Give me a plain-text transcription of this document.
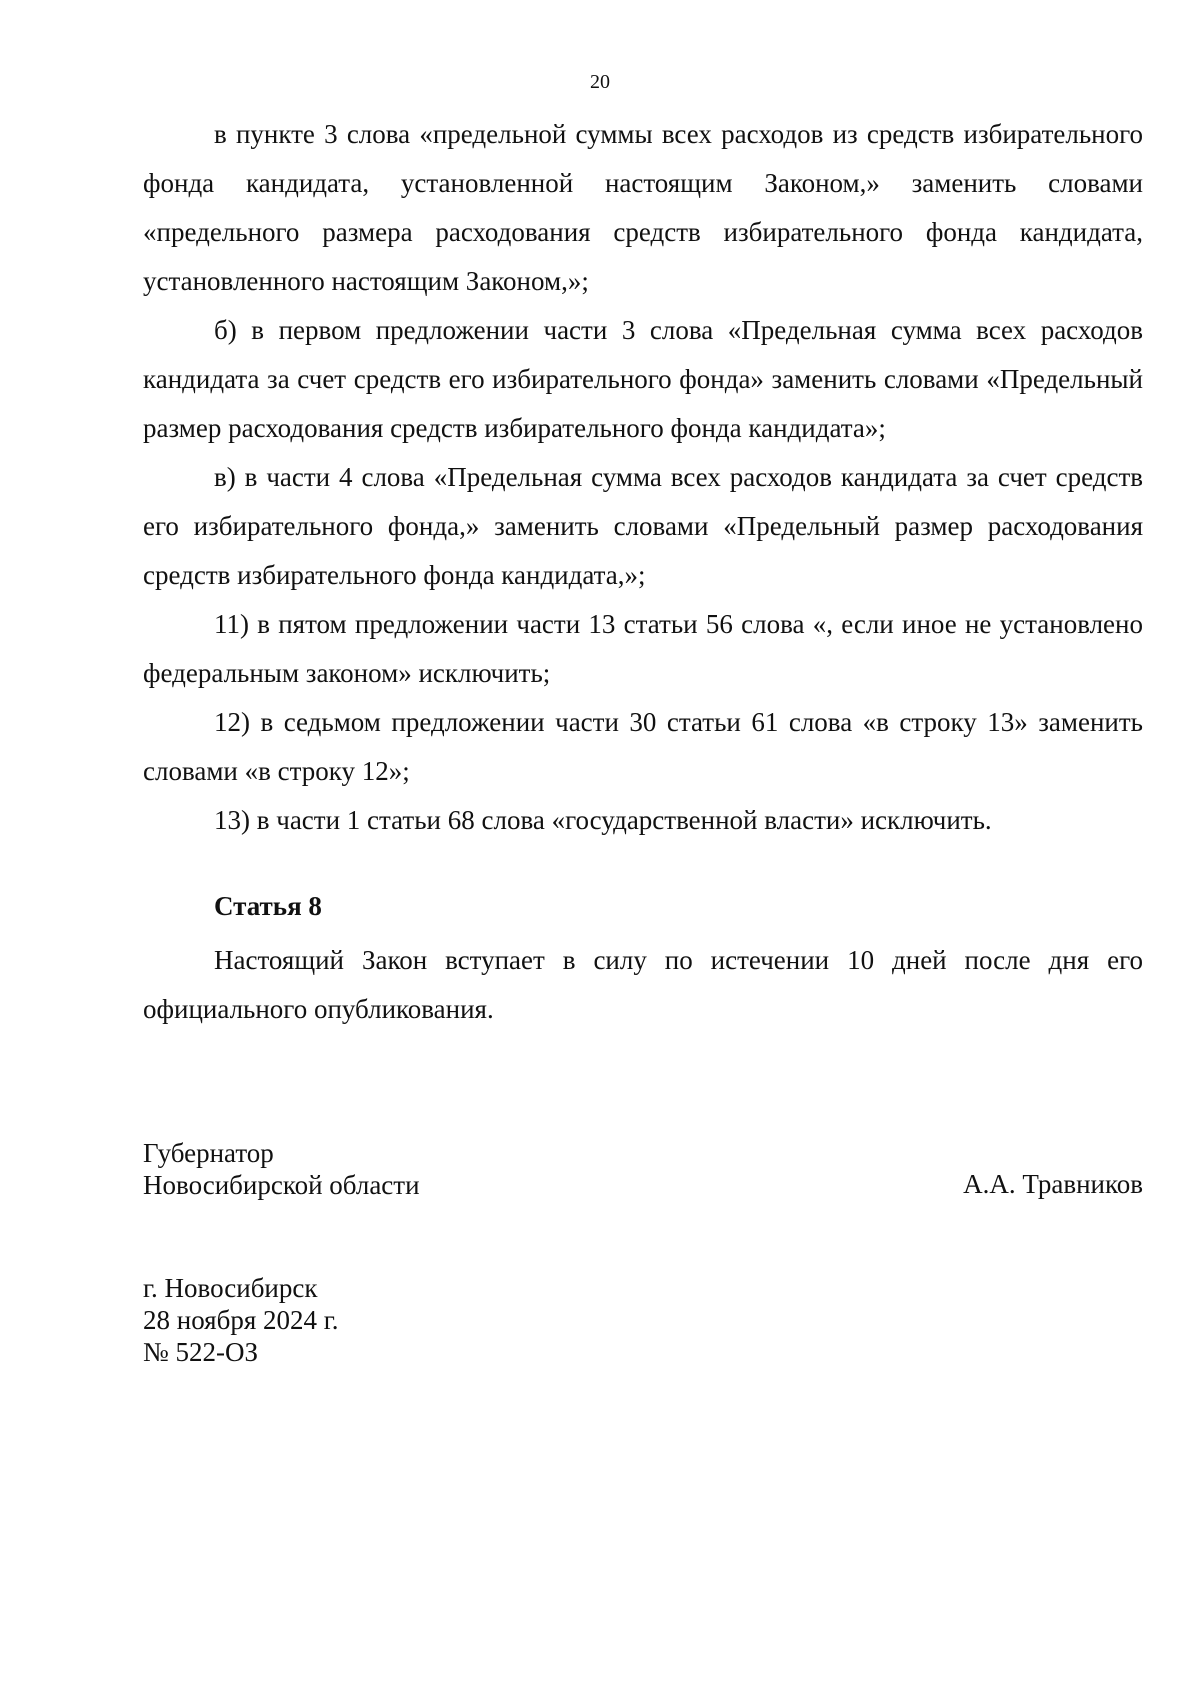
20

в пункте 3 слова «предельной суммы всех расходов из средств избирательного фонда кандидата, установленной настоящим Законом,» заменить словами «предельного размера расходования средств избирательного фонда кандидата, установленного настоящим Законом,»;

б) в первом предложении части 3 слова «Предельная сумма всех расходов кандидата за счет средств его избирательного фонда» заменить словами «Предельный размер расходования средств избирательного фонда кандидата»;

в) в части 4 слова «Предельная сумма всех расходов кандидата за счет средств его избирательного фонда,» заменить словами «Предельный размер расходования средств избирательного фонда кандидата,»;

11) в пятом предложении части 13 статьи 56 слова «, если иное не установлено федеральным законом» исключить;

12) в седьмом предложении части 30 статьи 61 слова «в строку 13» заменить словами «в строку 12»;

13) в части 1 статьи 68 слова «государственной власти» исключить.

Статья 8

Настоящий Закон вступает в силу по истечении 10 дней после дня его официального опубликования.

Губернатор
Новосибирской области	А.А. Травников
г. Новосибирск
28 ноября 2024 г.
№ 522-ОЗ
